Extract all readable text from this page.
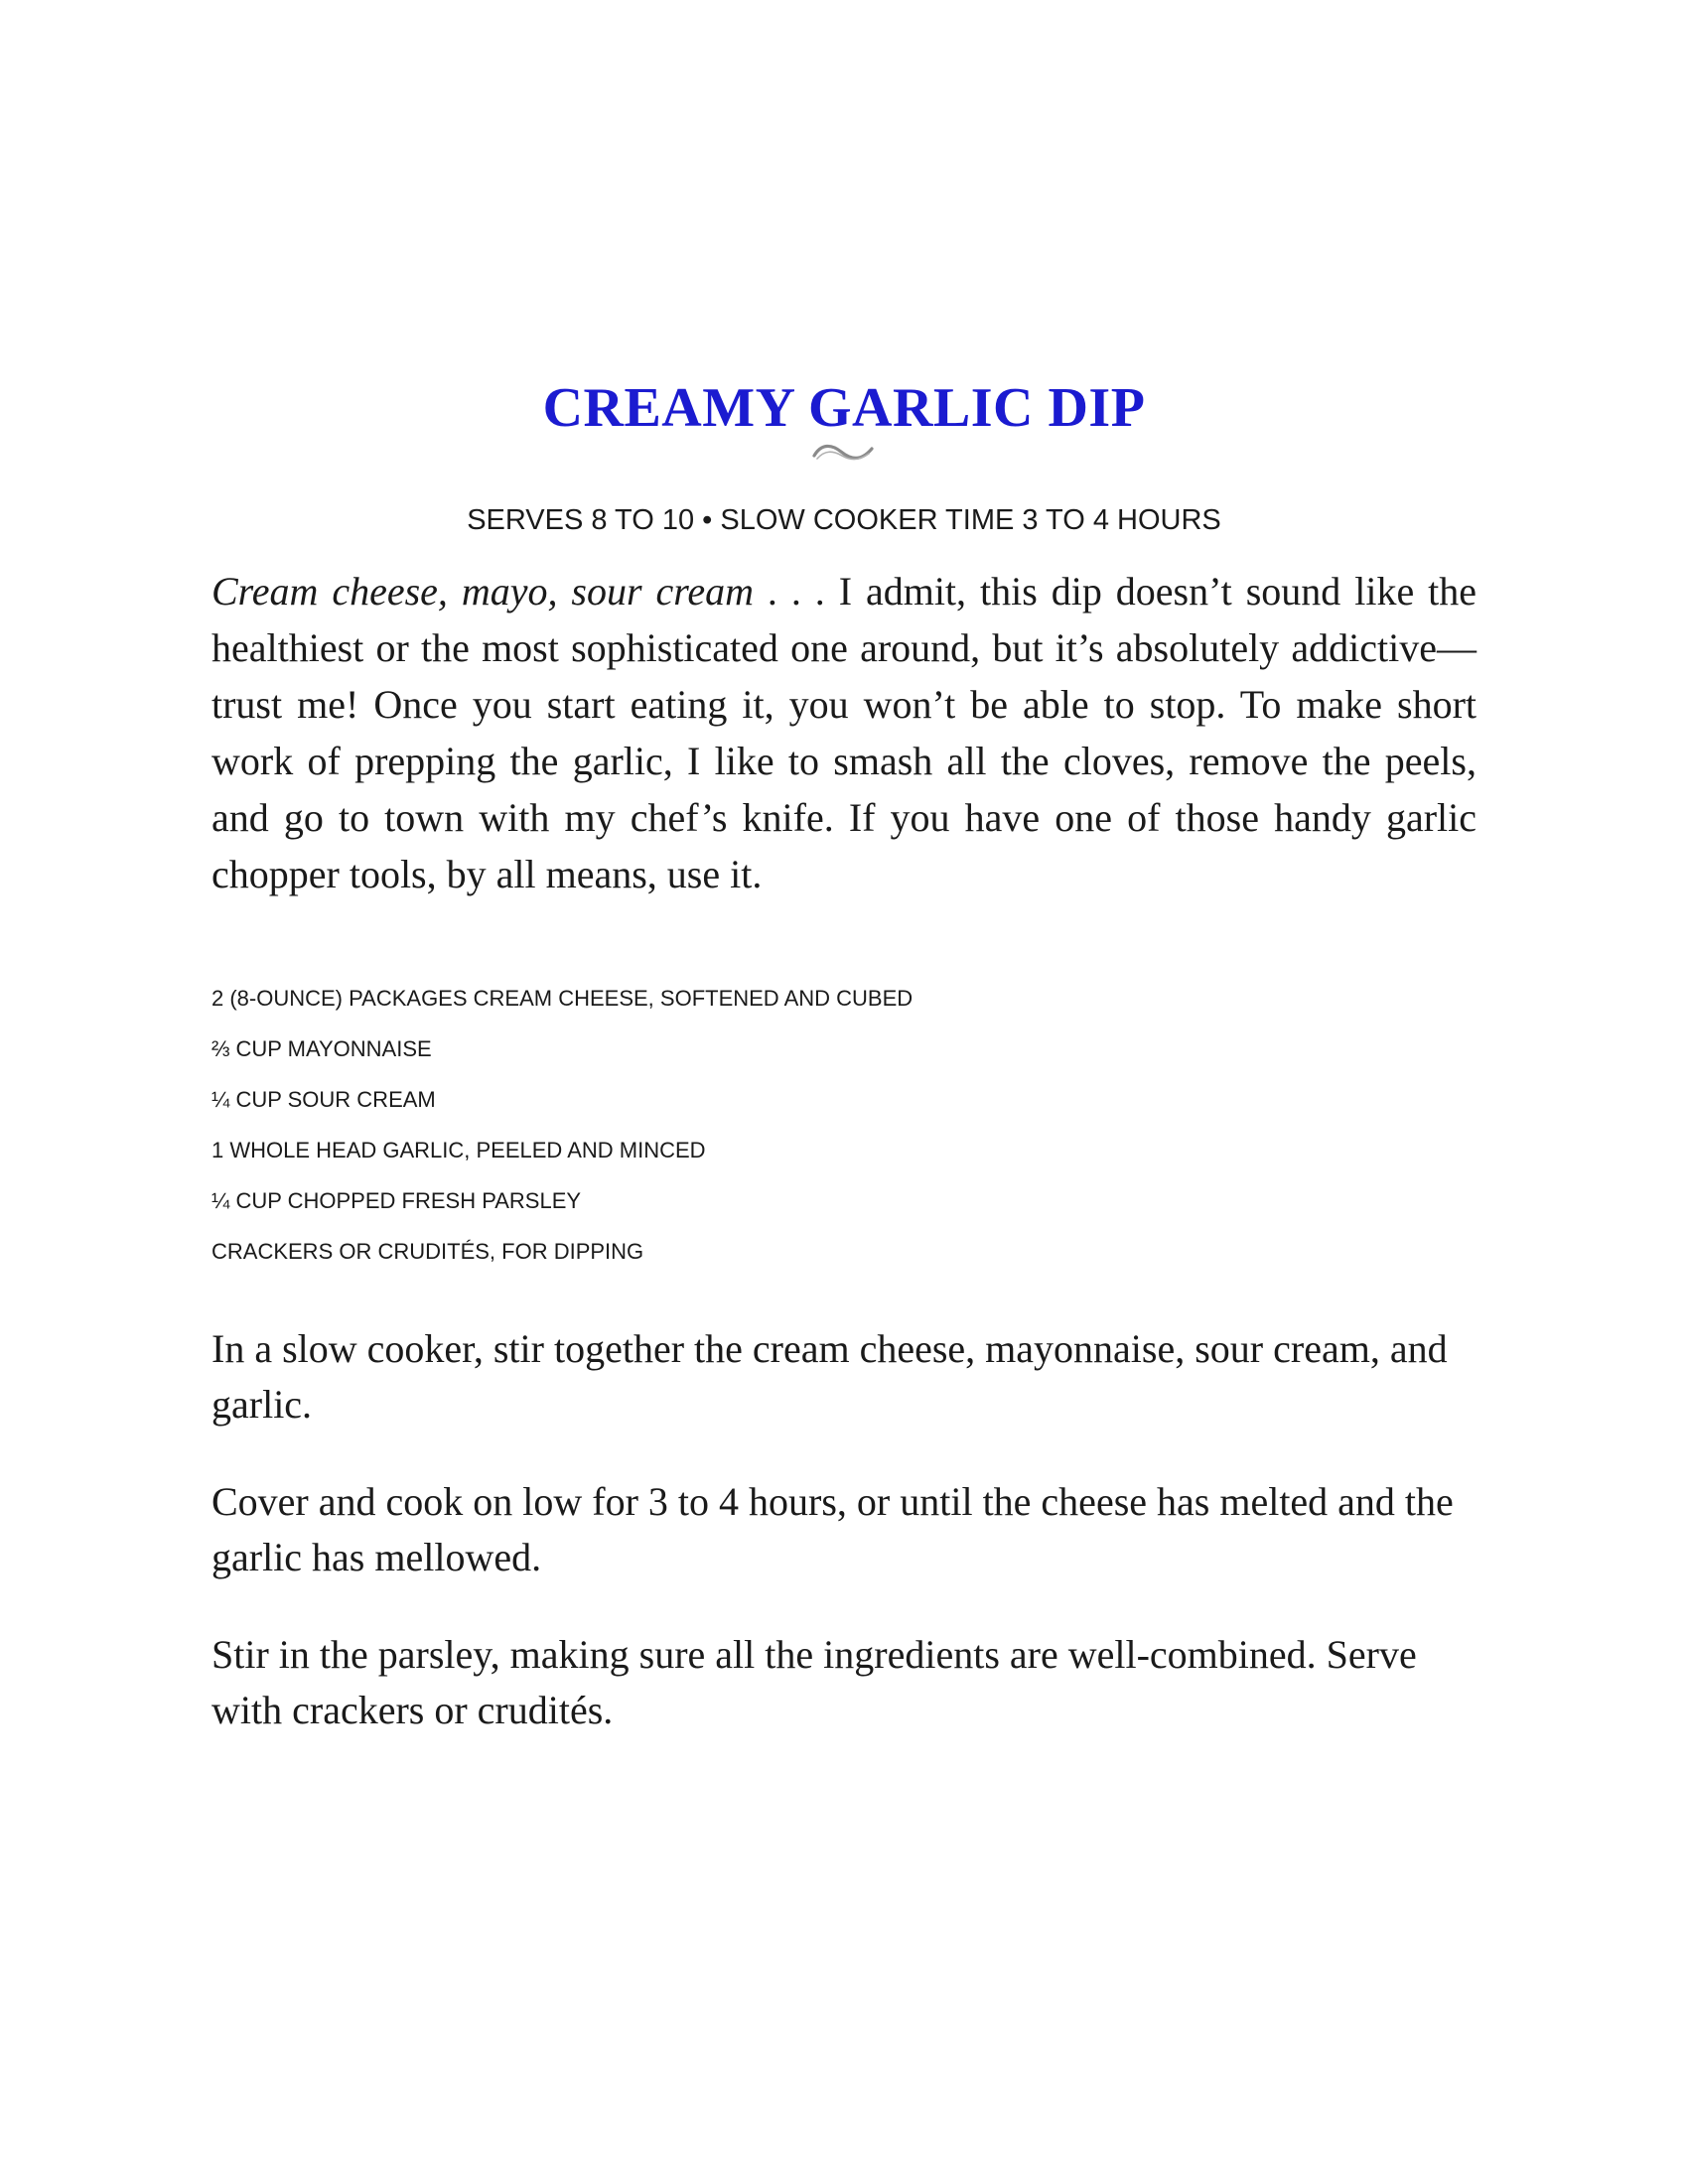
CREAMY GARLIC DIP
SERVES 8 TO 10 • SLOW COOKER TIME 3 TO 4 HOURS

Cream cheese, mayo, sour cream . . . I admit, this dip doesn’t sound like the healthiest or the most sophisticated one around, but it’s absolutely addictive—trust me! Once you start eating it, you won’t be able to stop. To make short work of prepping the garlic, I like to smash all the cloves, remove the peels, and go to town with my chef’s knife. If you have one of those handy garlic chopper tools, by all means, use it.

2 (8-OUNCE) PACKAGES CREAM CHEESE, SOFTENED AND CUBED
⅔ CUP MAYONNAISE
¼ CUP SOUR CREAM
1 WHOLE HEAD GARLIC, PEELED AND MINCED
¼ CUP CHOPPED FRESH PARSLEY
CRACKERS OR CRUDITÉS, FOR DIPPING

In a slow cooker, stir together the cream cheese, mayonnaise, sour cream, and garlic.

Cover and cook on low for 3 to 4 hours, or until the cheese has melted and the garlic has mellowed.

Stir in the parsley, making sure all the ingredients are well-combined. Serve with crackers or crudités.
